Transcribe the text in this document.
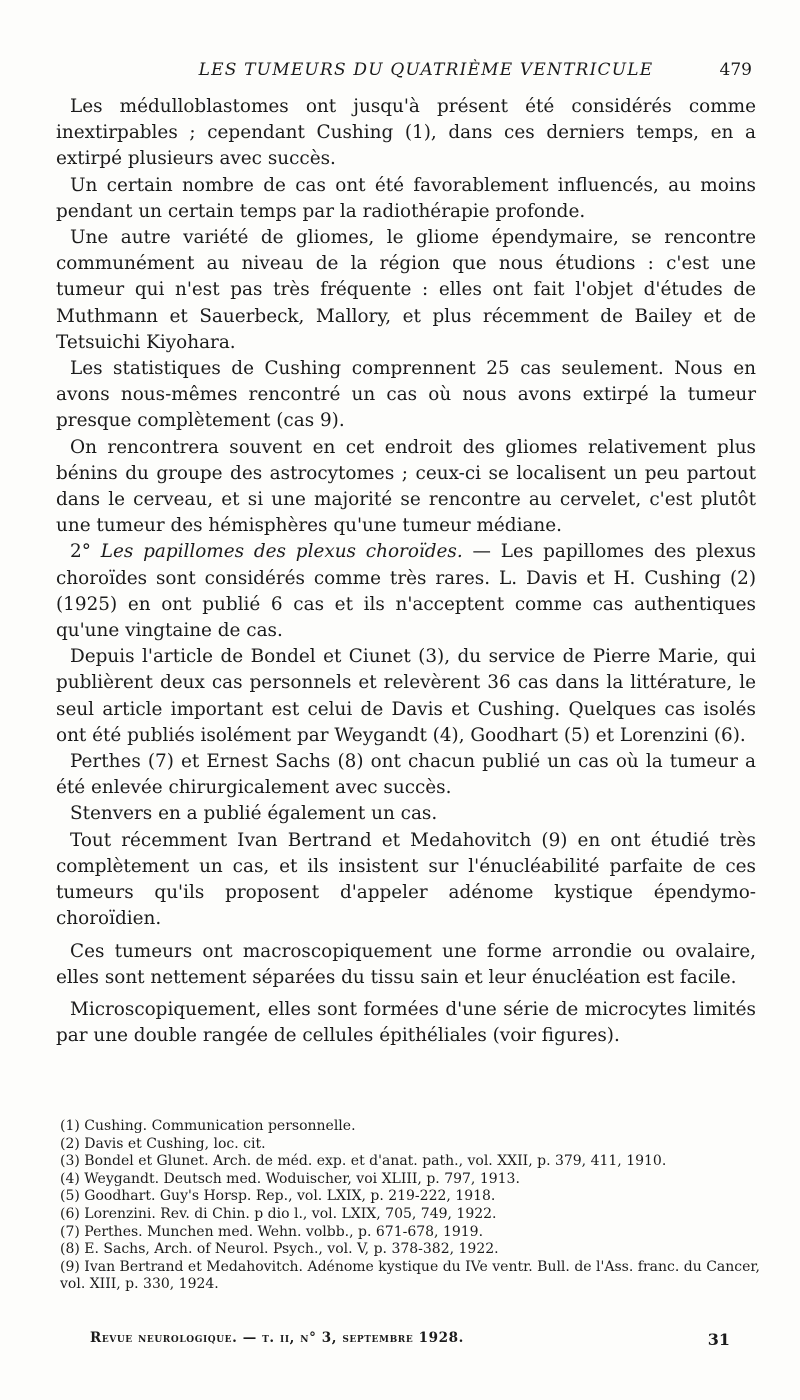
LES TUMEURS DU QUATRIÈME VENTRICULE	479

Les médulloblastomes ont jusqu'à présent été considérés comme inextirpables ; cependant Cushing (1), dans ces derniers temps, en a extirpé plusieurs avec succès.

Un certain nombre de cas ont été favorablement influencés, au moins pendant un certain temps par la radiothérapie profonde.

Une autre variété de gliomes, le gliome épendymaire, se rencontre communément au niveau de la région que nous étudions : c'est une tumeur qui n'est pas très fréquente : elles ont fait l'objet d'études de Muthmann et Sauerbeck, Mallory, et plus récemment de Bailey et de Tetsuichi Kiyohara.

Les statistiques de Cushing comprennent 25 cas seulement. Nous en avons nous-mêmes rencontré un cas où nous avons extirpé la tumeur presque complètement (cas 9).

On rencontrera souvent en cet endroit des gliomes relativement plus bénins du groupe des astrocytomes ; ceux-ci se localisent un peu partout dans le cerveau, et si une majorité se rencontre au cervelet, c'est plutôt une tumeur des hémisphères qu'une tumeur médiane.

2° Les papillomes des plexus choroïdes. — Les papillomes des plexus choroïdes sont considérés comme très rares. L. Davis et H. Cushing (2) (1925) en ont publié 6 cas et ils n'acceptent comme cas authentiques qu'une vingtaine de cas.

Depuis l'article de Bondel et Ciunet (3), du service de Pierre Marie, qui publièrent deux cas personnels et relevèrent 36 cas dans la littérature, le seul article important est celui de Davis et Cushing. Quelques cas isolés ont été publiés isolément par Weygandt (4), Goodhart (5) et Lorenzini (6).

Perthes (7) et Ernest Sachs (8) ont chacun publié un cas où la tumeur a été enlevée chirurgicalement avec succès.

Stenvers en a publié également un cas.

Tout récemment Ivan Bertrand et Medahovitch (9) en ont étudié très complètement un cas, et ils insistent sur l'énucléabilité parfaite de ces tumeurs qu'ils proposent d'appeler adénome kystique épendymo-choroïdien.

Ces tumeurs ont macroscopiquement une forme arrondie ou ovalaire, elles sont nettement séparées du tissu sain et leur énucléation est facile.

Microscopiquement, elles sont formées d'une série de microcytes limités par une double rangée de cellules épithéliales (voir figures).

(1) Cushing. Communication personnelle.

(2) Davis et Cushing, loc. cit.

(3) Bondel et Glunet. Arch. de méd. exp. et d'anat. path., vol. XXII, p. 379, 411, 1910.

(4) Weygandt. Deutsch med. Woduischer, voi XLIII, p. 797, 1913.

(5) Goodhart. Guy's Horsp. Rep., vol. LXIX, p. 219-222, 1918.

(6) Lorenzini. Rev. di Chin. p dio l., vol. LXIX, 705, 749, 1922.

(7) Perthes. Munchen med. Wehn. volbb., p. 671-678, 1919.

(8) E. Sachs, Arch. of Neurol. Psych., vol. V, p. 378-382, 1922.

(9) Ivan Bertrand et Medahovitch. Adénome kystique du IVe ventr. Bull. de l'Ass. franc. du Cancer, vol. XIII, p. 330, 1924.

Revue neurologique. — t. ii, n° 3, septembre 1928.	31
